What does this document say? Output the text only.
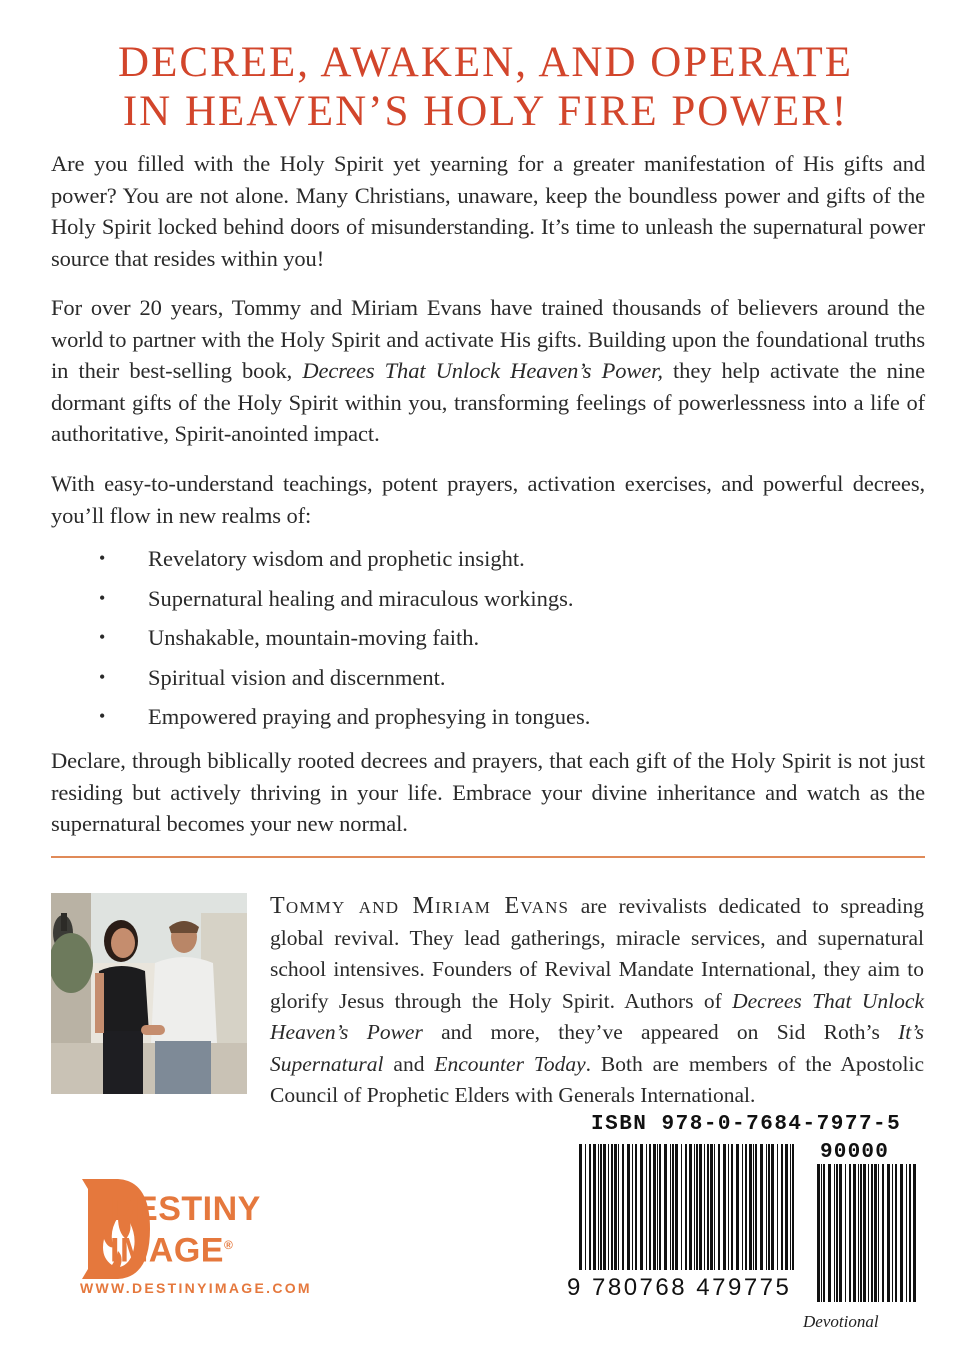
DECREE, AWAKEN, AND OPERATE
IN HEAVEN’S HOLY FIRE POWER!
Are you filled with the Holy Spirit yet yearning for a greater manifestation of His gifts and power? You are not alone. Many Christians, unaware, keep the boundless power and gifts of the Holy Spirit locked behind doors of misunderstanding. It’s time to unleash the supernatural power source that resides within you!
For over 20 years, Tommy and Miriam Evans have trained thousands of believers around the world to partner with the Holy Spirit and activate His gifts. Building upon the foundational truths in their best-selling book, Decrees That Unlock Heaven’s Power, they help activate the nine dormant gifts of the Holy Spirit within you, transforming feelings of powerlessness into a life of authoritative, Spirit-anointed impact.
With easy-to-understand teachings, potent prayers, activation exercises, and powerful decrees, you’ll flow in new realms of:
• Revelatory wisdom and prophetic insight.
• Supernatural healing and miraculous workings.
• Unshakable, mountain-moving faith.
• Spiritual vision and discernment.
• Empowered praying and prophesying in tongues.
Declare, through biblically rooted decrees and prayers, that each gift of the Holy Spirit is not just residing but actively thriving in your life. Embrace your divine inheritance and watch as the supernatural becomes your new normal.
Tommy and Miriam Evans are revivalists dedicated to spreading global revival. They lead gatherings, miracle services, and supernatural school intensives. Founders of Revival Mandate International, they aim to glorify Jesus through the Holy Spirit. Authors of Decrees That Unlock Heaven’s Power and more, they’ve appeared on Sid Roth’s It’s Supernatural and Encounter Today. Both are members of the Apostolic Council of Prophetic Elders with Generals International.
DESTINY
IMAGE®
WWW.DESTINYIMAGE.COM
ISBN 978-0-7684-7977-5
90000
9 780768 479775
Devotional
